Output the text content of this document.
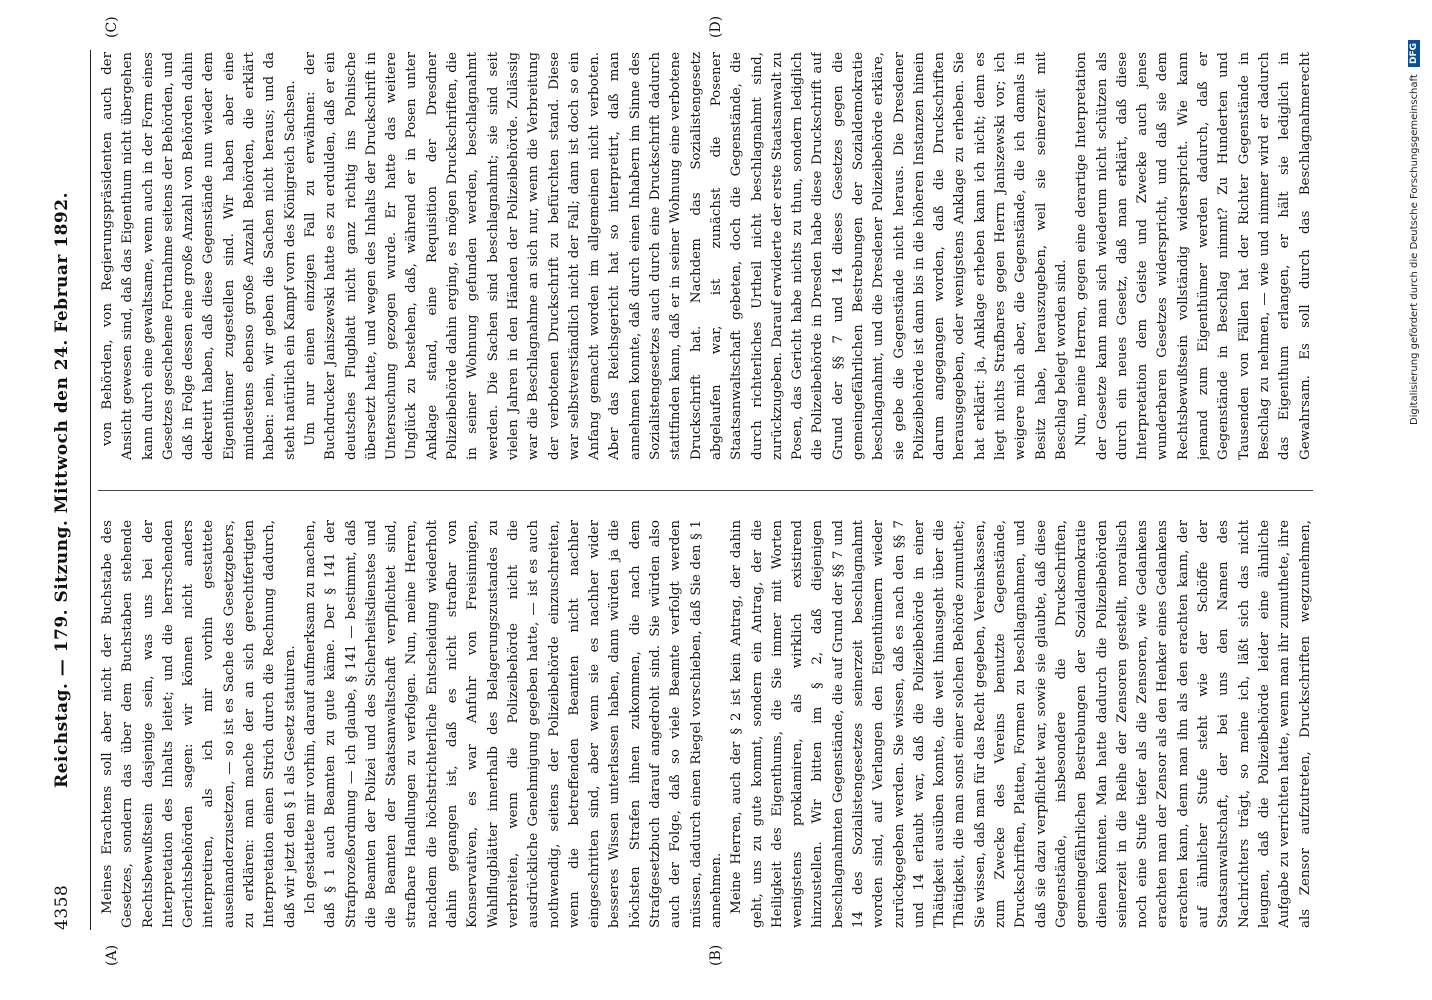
4358
Reichstag. — 179. Sitzung. Mittwoch den 24. Februar 1892.
(A)	(B)
(C)	(D)

Meines Erachtens soll aber nicht der Buchstabe des Gesetzes, sondern das über dem Buchstaben stehende Rechtsbewußtsein dasjenige sein, was uns bei der Interpretation des Inhalts leitet; und die herrschenden Gerichtsbehörden sagen: wir können nicht anders interpretiren, als ich mir vorhin gestattete auseinanderzusetzen, — so ist es Sache des Gesetzgebers, zu erklären: man mache der an sich gerechtfertigten Interpretation einen Strich durch die Rechnung dadurch, daß wir jetzt den § 1 als Gesetz statuiren. Ich gestattete mir vorhin, darauf aufmerksam zu machen, daß § 1 auch Beamten zu gute käme. Der § 141 der Strafprozeßordnung — ich glaube, § 141 — bestimmt, daß die Beamten der Polizei und des Sicherheitsdienstes und die Beamten der Staatsanwaltschaft verpflichtet sind, strafbare Handlungen zu verfolgen. Nun, meine Herren, nachdem die höchstrichterliche Entscheidung wiederholt dahin gegangen ist, daß es nicht strafbar von Konservativen, es war Anfuhr von Freisinnigen, Wahlflugblätter innerhalb des Belagerungszustandes zu verbreiten, wenn die Polizeibehörde nicht die ausdrückliche Genehmigung gegeben hatte, — ist es auch nothwendig, seitens der Polizeibehörde einzuschreiten, wenn die betreffenden Beamten nicht nachher eingeschritten sind, aber wenn sie es nachher wider besseres Wissen unterlassen haben, dann würden ja die höchsten Strafen ihnen zukommen, die nach dem Strafgesetzbuch darauf angedroht sind. Sie würden also auch der Folge, daß so viele Beamte verfolgt werden müssen, dadurch einen Riegel vorschieben, daß Sie den § 1 annehmen. Meine Herren, auch der § 2 ist kein Antrag, der dahin geht, uns zu gute kommt, sondern ein Antrag, der die Heiligkeit des Eigenthums, die Sie immer mit Worten wenigstens proklamiren, als wirklich existirend hinzustellen. Wir bitten im § 2, daß diejenigen beschlagnahmten Gegenstände, die auf Grund der §§ 7 und 14 des Sozialistengesetzes seinerzeit beschlagnahmt worden sind, auf Verlangen den Eigenthümern wieder zurückgegeben werden. Sie wissen, daß es nach den §§ 7 und 14 erlaubt war, daß die Polizeibehörde in einer Thätigkeit ausüben konnte, die weit hinausgeht über die Thätigkeit, die man sonst einer solchen Behörde zumuthet; Sie wissen, daß man für das Recht gegeben, Vereinskassen, zum Zwecke des Vereins benutzte Gegenstände, Druckschriften, Platten, Formen zu beschlagnahmen, und daß sie dazu verpflichtet war, sowie sie glaubte, daß diese Gegenstände, insbesondere die Druckschriften, gemeingefährlichen Bestrebungen der Sozialdemokratie dienen könnten. Man hatte dadurch die Polizeibehörden seinerzeit in die Reihe der Zensoren gestellt, moralisch noch eine Stufe tiefer als die Zensoren, wie Gedankens erachten man der Zensor als den Henker eines Gedankens erachten kann, denn man ihn als den erachten kann, der auf ähnlicher Stufe steht wie der Schöffe der Staatsanwaltschaft, der bei uns den Namen des Nachrichters trägt, so meine ich, läßt sich das nicht leugnen, daß die Polizeibehörde leider eine ähnliche Aufgabe zu verrichten hatte, wenn man ihr zumuthete, ihre als Zensor aufzutreten, Druckschriften wegzunehmen,

von Behörden, von Regierungspräsidenten auch der Ansicht gewesen sind, daß das Eigenthum nicht übergehen kann durch eine gewaltsame, wenn auch in der Form eines Gesetzes geschehene Fortnahme seitens der Behörden, und daß in Folge dessen eine große Anzahl von Behörden dahin dekretirt haben, daß diese Gegenstände nun wieder dem Eigenthümer zugestellen sind. Wir haben aber eine mindestens ebenso große Anzahl Behörden, die erklärt haben: nein, wir geben die Sachen nicht heraus; und da steht natürlich ein Kampf vorn des Königreich Sachsen. Um nur einen einzigen Fall zu erwähnen: der Buchdrucker Janiszewski hatte es zu erdulden, daß er ein deutsches Flugblatt nicht ganz richtig ins Polnische übersetzt hatte, und wegen des Inhalts der Druckschrift in Untersuchung gezogen wurde. Er hatte das weitere Unglück zu bestehen, daß, während er in Posen unter Anklage stand, eine Requisition der Dresdner Polizeibehörde dahin erging, es mögen Druckschriften, die in seiner Wohnung gefunden werden, beschlagnahmt werden. Die Sachen sind beschlagnahmt; sie sind seit vielen Jahren in den Händen der Polizeibehörde. Zulässig war die Beschlagnahme an sich nur, wenn die Verbreitung der verbotenen Druckschrift zu befürchten stand. Diese war selbstverständlich nicht der Fall; dann ist doch so ein Anfang gemacht worden im allgemeinen nicht verboten. Aber das Reichsgericht hat so interpretirt, daß man annehmen konnte, daß durch einen Inhabern im Sinne des Sozialistengesetzes auch durch eine Druckschrift dadurch stattfinden kann, daß er in seiner Wohnung eine verbotene Druckschrift hat. Nachdem das Sozialistengesetz abgelaufen war, ist zunächst die Posener Staatsanwaltschaft gebeten, doch die Gegenstände, die durch richterliches Urtheil nicht beschlagnahmt sind, zurückzugeben. Darauf erwiderte der erste Staatsanwalt zu Posen, das Gericht habe nichts zu thun, sondern lediglich die Polizeibehörde in Dresden habe diese Druckschrift auf Grund der §§ 7 und 14 dieses Gesetzes gegen die gemeingefährlichen Bestrebungen der Sozialdemokratie beschlagnahmt, und die Dresdener Polizeibehörde erkläre, sie gebe die Gegenstände nicht heraus. Die Dresdener Polizeibehörde ist dann bis in die höheren Instanzen hinein darum angegangen worden, daß die Druckschriften herausgegeben, oder wenigstens Anklage zu erheben. Sie hat erklärt: ja, Anklage erheben kann ich nicht; denn es liegt nichts Strafbares gegen Herrn Janiszewski vor; ich weigere mich aber, die Gegenstände, die ich damals in Besitz habe, herauszugeben, weil sie seinerzeit mit Beschlag belegt worden sind. Nun, meine Herren, gegen eine derartige Interpretation der Gesetze kann man sich wiederum nicht schützen als durch ein neues Gesetz, daß man erklärt, daß diese Interpretation dem Geiste und Zwecke auch jenes wunderbaren Gesetzes widerspricht, und daß sie dem Rechtsbewußtsein vollständig widerspricht. Wie kann jemand zum Eigenthümer werden dadurch, daß er Gegenstände in Beschlag nimmt? Zu Hunderten und Tausenden von Fällen hat der Richter Gegenstände in Beschlag zu nehmen, — wie und nimmer wird er dadurch das Eigenthum erlangen, er hält sie lediglich in Gewahrsam. Es soll durch das Beschlagnahmerecht	Digitalisierung gefördert durch die Deutsche Forschungsgemeinschaft DFG
